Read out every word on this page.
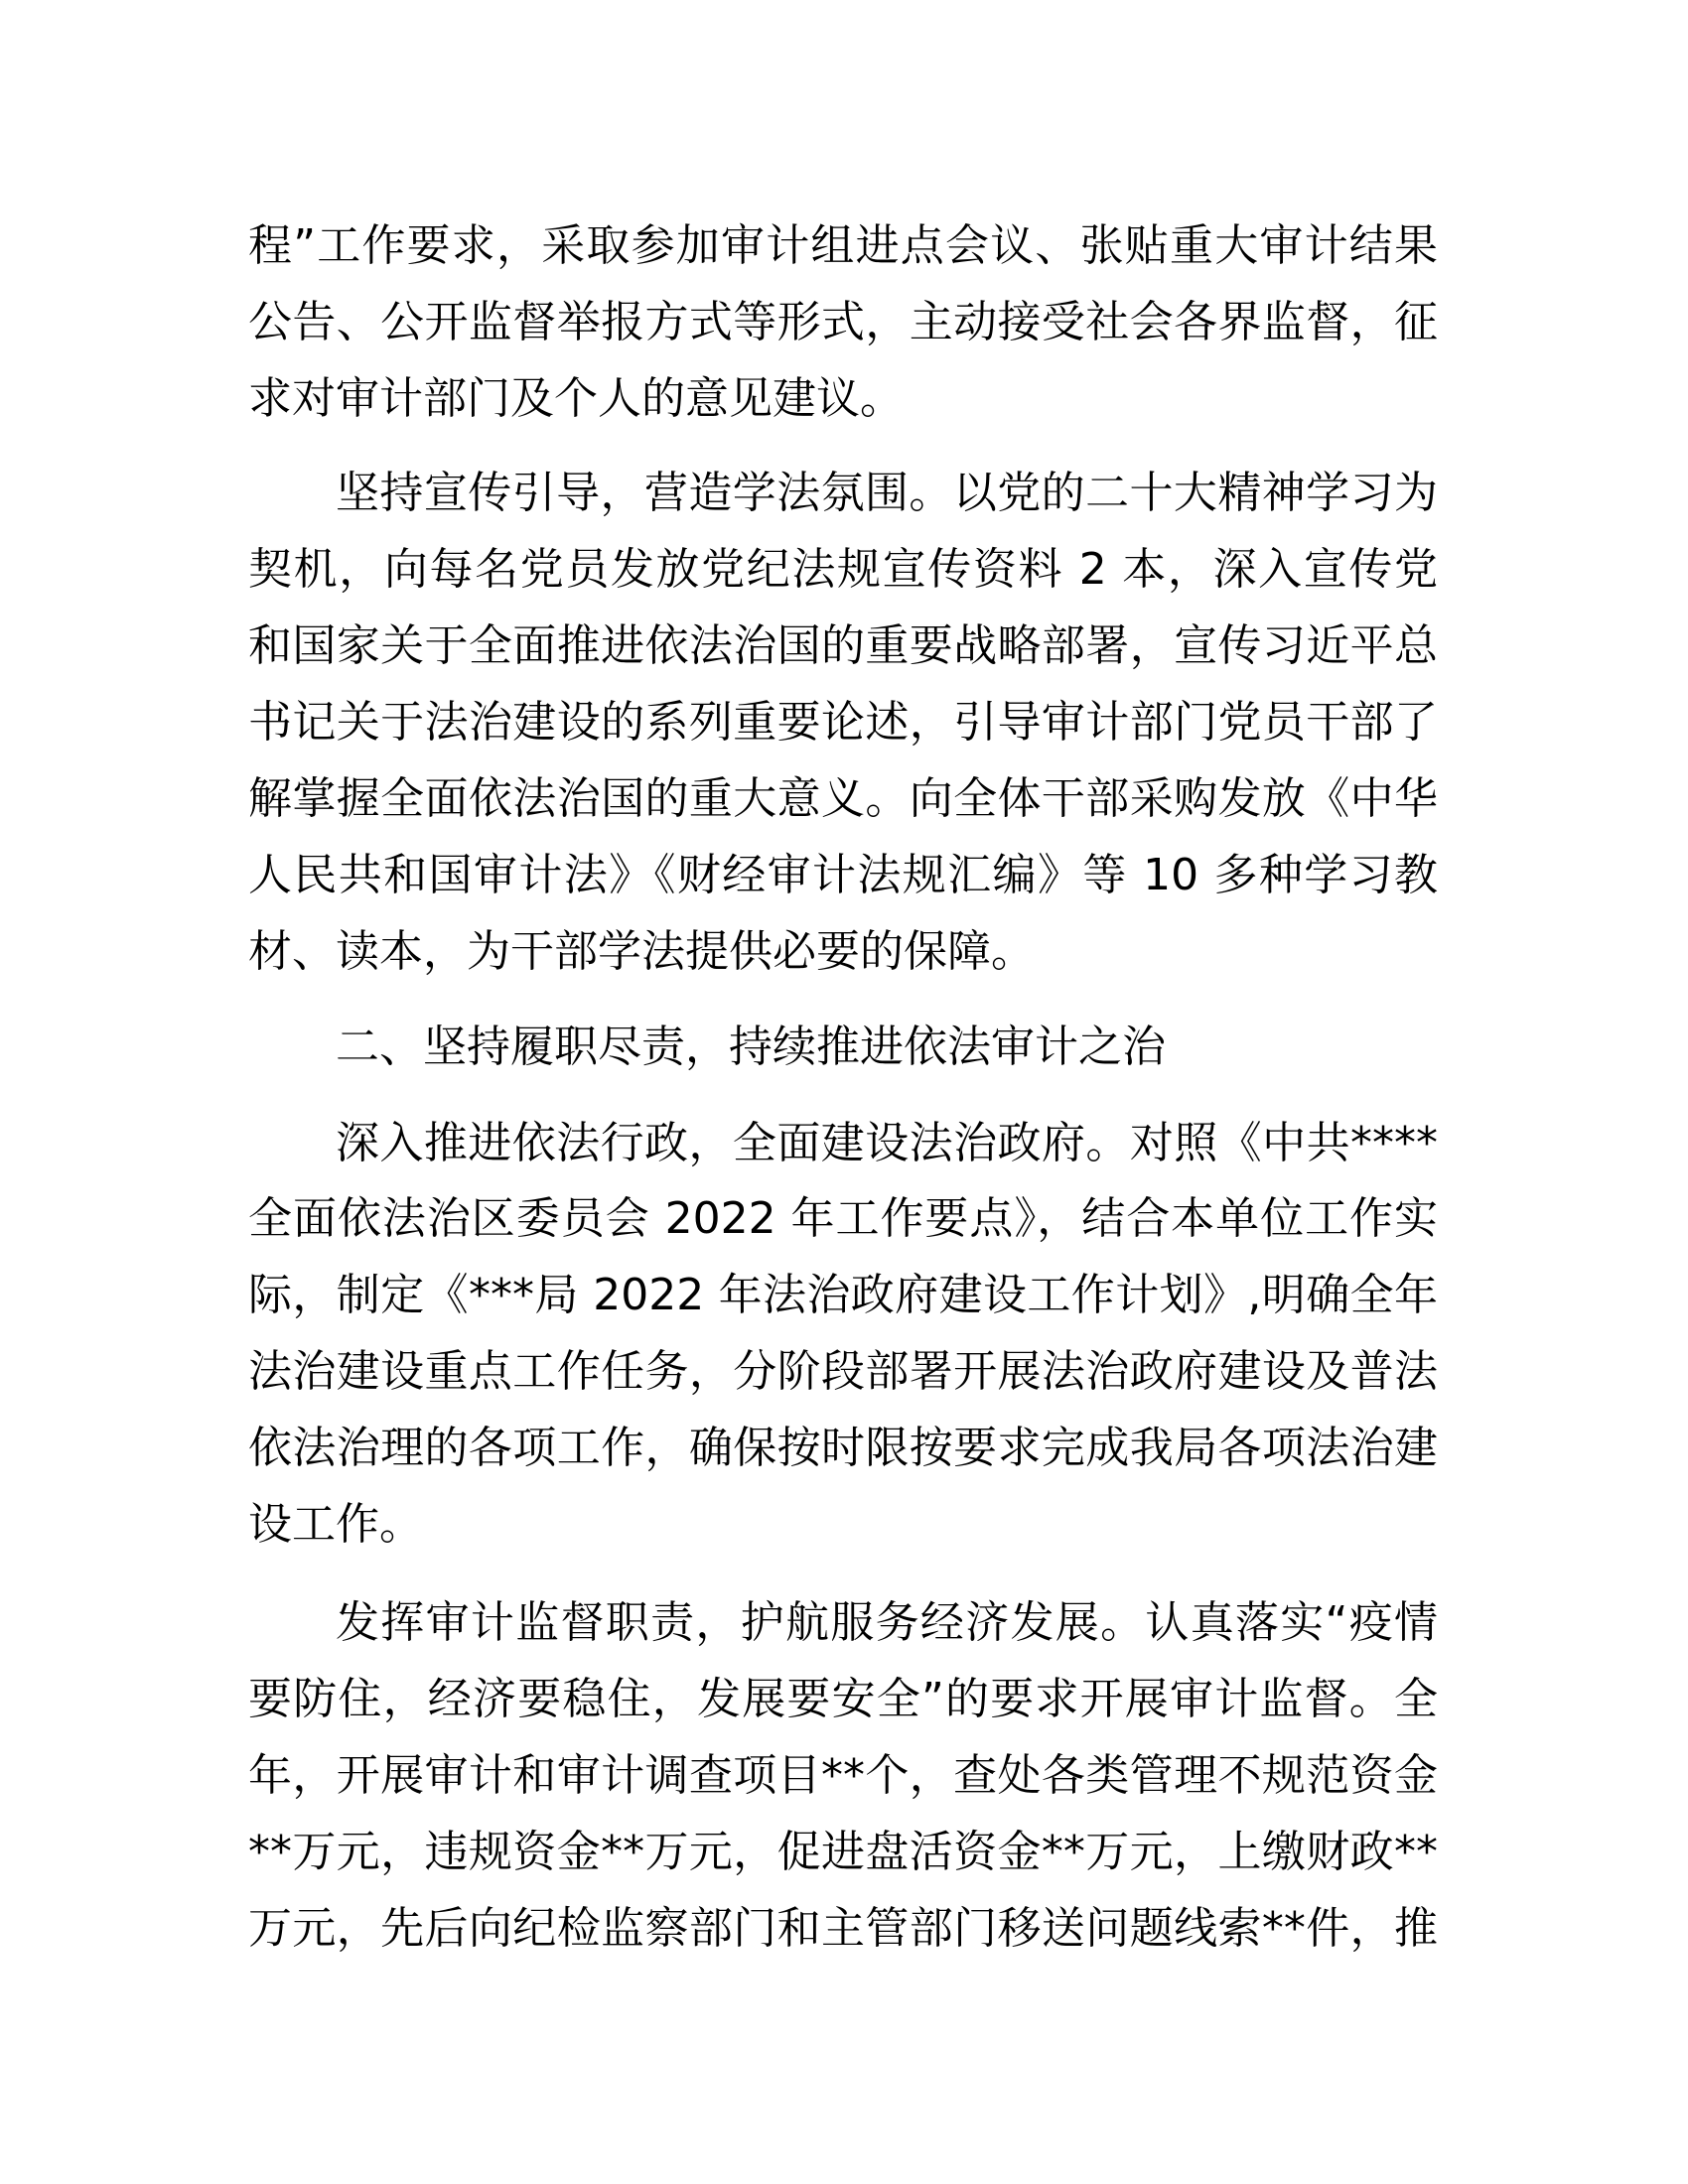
程”工作要求，采取参加审计组进点会议、张贴重大审计结果
公告、公开监督举报方式等形式，主动接受社会各界监督，征
求对审计部门及个人的意见建议。
坚持宣传引导，营造学法氛围。以党的二十大精神学习为
契机，向每名党员发放党纪法规宣传资料 2 本，深入宣传党
和国家关于全面推进依法治国的重要战略部署，宣传习近平总
书记关于法治建设的系列重要论述，引导审计部门党员干部了
解掌握全面依法治国的重大意义。向全体干部采购发放《中华
人民共和国审计法》《财经审计法规汇编》等 10 多种学习教
材、读本，为干部学法提供必要的保障。
二、坚持履职尽责，持续推进依法审计之治
深入推进依法行政，全面建设法治政府。对照《中共****
全面依法治区委员会 2022 年工作要点》，结合本单位工作实
际，制定《***局 2022 年法治政府建设工作计划》,明确全年
法治建设重点工作任务，分阶段部署开展法治政府建设及普法
依法治理的各项工作，确保按时限按要求完成我局各项法治建
设工作。
发挥审计监督职责，护航服务经济发展。认真落实“疫情
要防住，经济要稳住，发展要安全”的要求开展审计监督。全
年，开展审计和审计调查项目**个，查处各类管理不规范资金
**万元，违规资金**万元，促进盘活资金**万元，上缴财政**
万元，先后向纪检监察部门和主管部门移送问题线索**件，推
